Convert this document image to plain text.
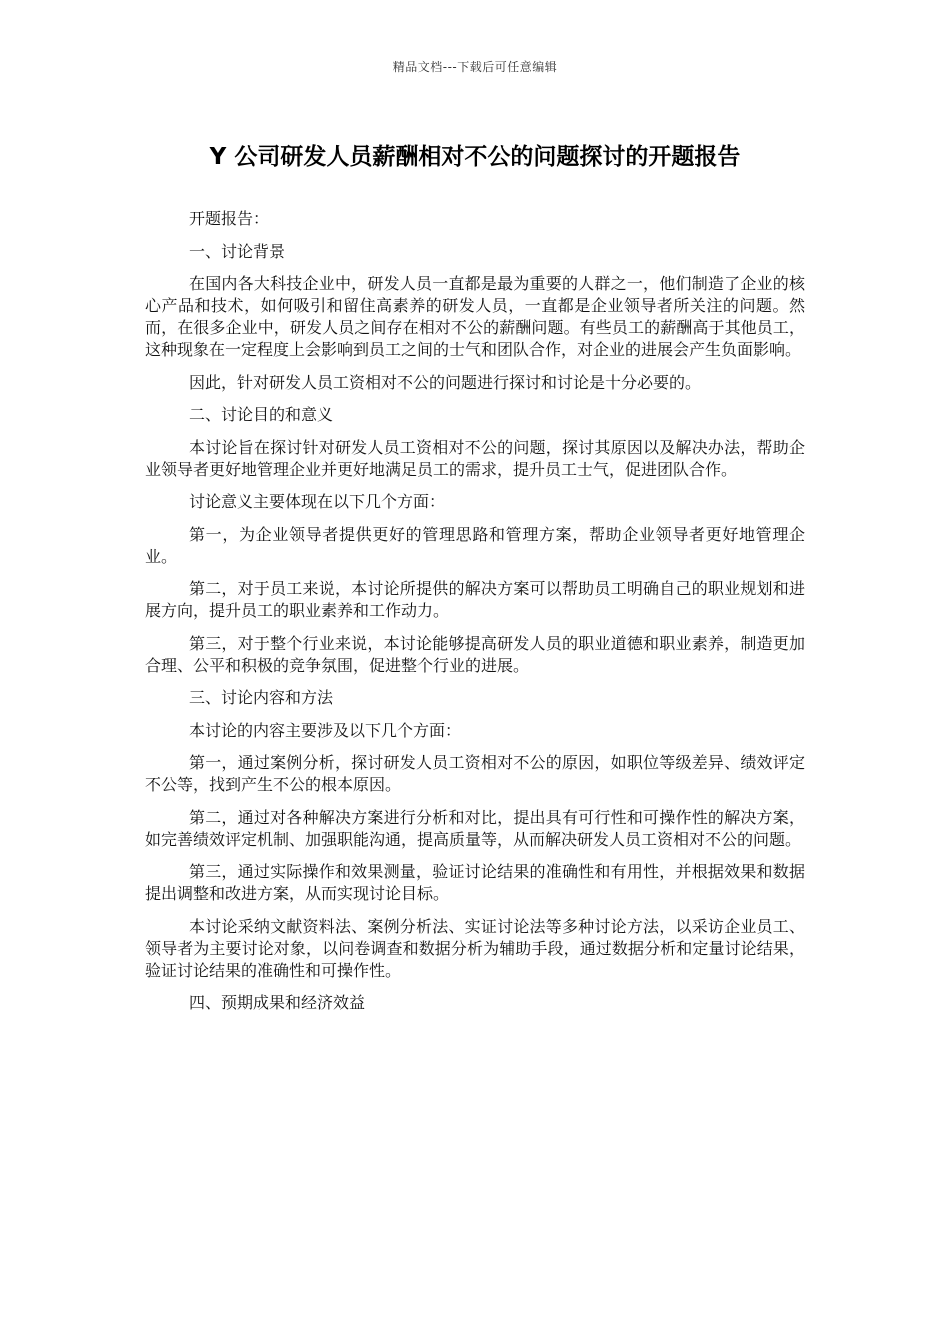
精品文档---下载后可任意编辑
Y 公司研发人员薪酬相对不公的问题探讨的开题报告

开题报告：

一、讨论背景

在国内各大科技企业中，研发人员一直都是最为重要的人群之一，他们制造了企业的核心产品和技术，如何吸引和留住高素养的研发人员，一直都是企业领导者所关注的问题。然而，在很多企业中，研发人员之间存在相对不公的薪酬问题。有些员工的薪酬高于其他员工，这种现象在一定程度上会影响到员工之间的士气和团队合作，对企业的进展会产生负面影响。

因此，针对研发人员工资相对不公的问题进行探讨和讨论是十分必要的。

二、讨论目的和意义

本讨论旨在探讨针对研发人员工资相对不公的问题，探讨其原因以及解决办法，帮助企业领导者更好地管理企业并更好地满足员工的需求，提升员工士气，促进团队合作。

讨论意义主要体现在以下几个方面：

第一，为企业领导者提供更好的管理思路和管理方案，帮助企业领导者更好地管理企业。

第二，对于员工来说，本讨论所提供的解决方案可以帮助员工明确自己的职业规划和进展方向，提升员工的职业素养和工作动力。

第三，对于整个行业来说，本讨论能够提高研发人员的职业道德和职业素养，制造更加合理、公平和积极的竞争氛围，促进整个行业的进展。

三、讨论内容和方法

本讨论的内容主要涉及以下几个方面：

第一，通过案例分析，探讨研发人员工资相对不公的原因，如职位等级差异、绩效评定不公等，找到产生不公的根本原因。

第二，通过对各种解决方案进行分析和对比，提出具有可行性和可操作性的解决方案，如完善绩效评定机制、加强职能沟通，提高质量等，从而解决研发人员工资相对不公的问题。

第三，通过实际操作和效果测量，验证讨论结果的准确性和有用性，并根据效果和数据提出调整和改进方案，从而实现讨论目标。

本讨论采纳文献资料法、案例分析法、实证讨论法等多种讨论方法，以采访企业员工、领导者为主要讨论对象，以问卷调查和数据分析为辅助手段，通过数据分析和定量讨论结果，验证讨论结果的准确性和可操作性。

四、预期成果和经济效益
